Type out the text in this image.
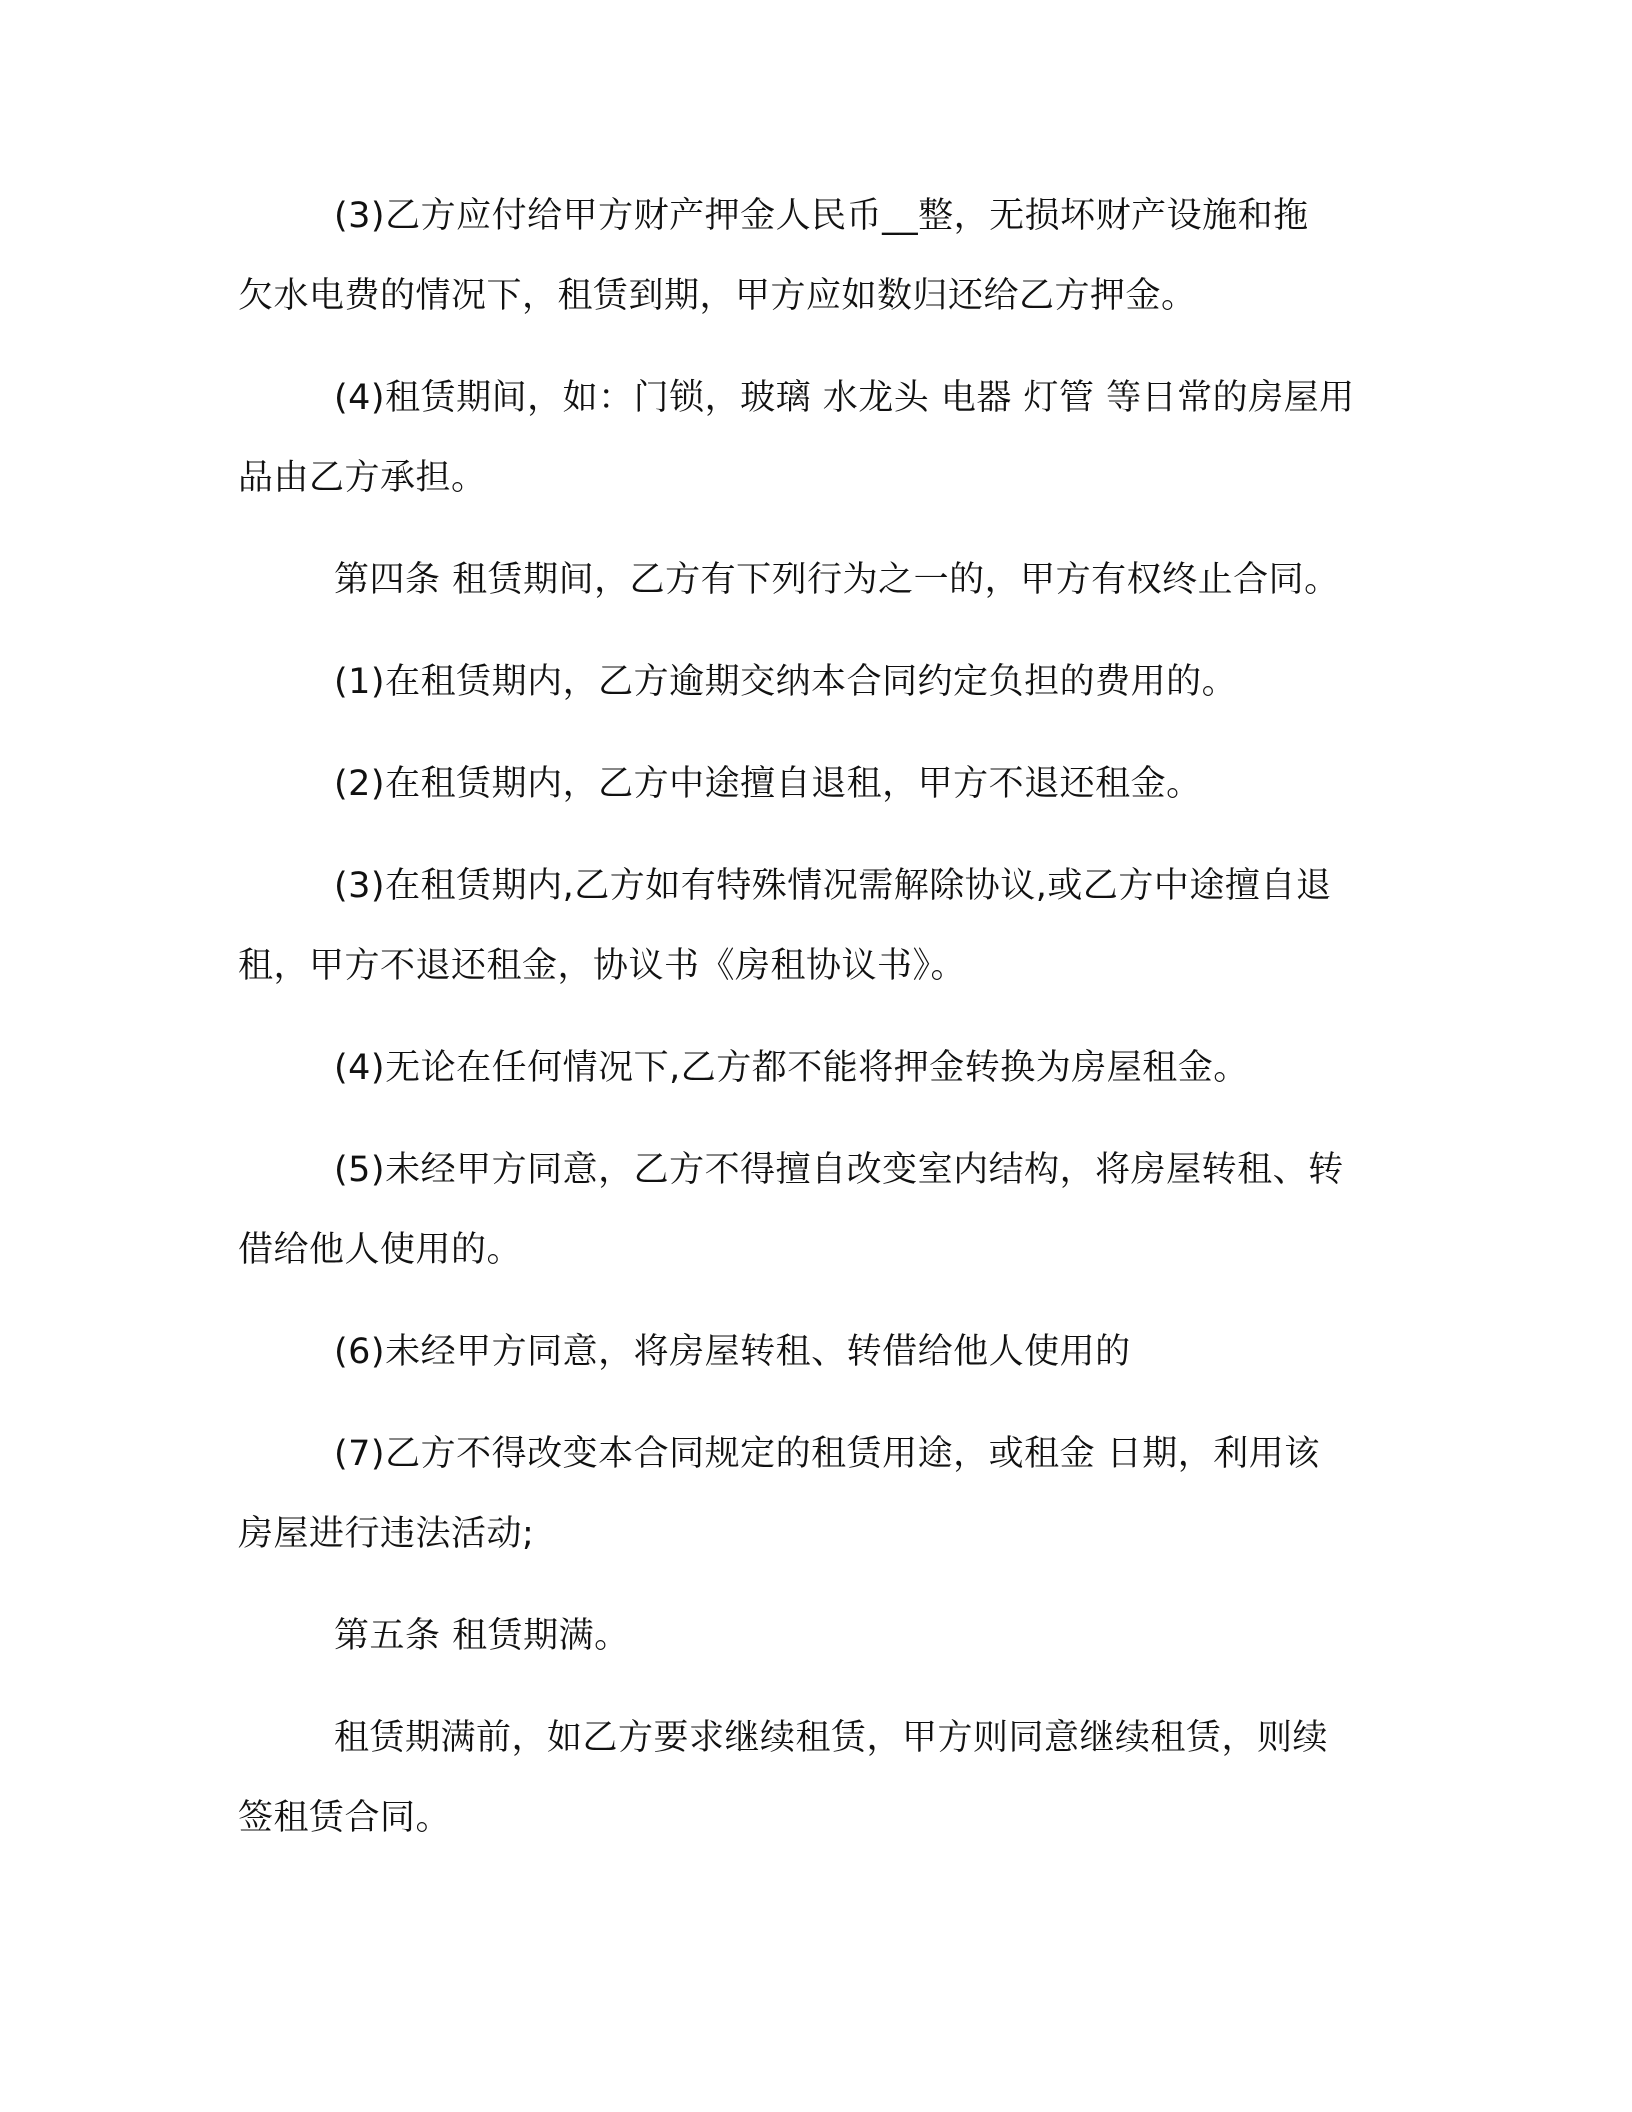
(3)乙方应付给甲方财产押金人民币__整，无损坏财产设施和拖
欠水电费的情况下，租赁到期，甲方应如数归还给乙方押金。

(4)租赁期间，如：门锁，玻璃 水龙头 电器 灯管 等日常的房屋用
品由乙方承担。

第四条 租赁期间，乙方有下列行为之一的，甲方有权终止合同。

(1)在租赁期内，乙方逾期交纳本合同约定负担的费用的。

(2)在租赁期内，乙方中途擅自退租，甲方不退还租金。

(3)在租赁期内,乙方如有特殊情况需解除协议,或乙方中途擅自退
租，甲方不退还租金，协议书《房租协议书》。

(4)无论在任何情况下,乙方都不能将押金转换为房屋租金。

(5)未经甲方同意，乙方不得擅自改变室内结构，将房屋转租、转
借给他人使用的。

(6)未经甲方同意，将房屋转租、转借给他人使用的

(7)乙方不得改变本合同规定的租赁用途，或租金 日期，利用该
房屋进行违法活动;

第五条 租赁期满。

租赁期满前，如乙方要求继续租赁，甲方则同意继续租赁，则续
签租赁合同。
